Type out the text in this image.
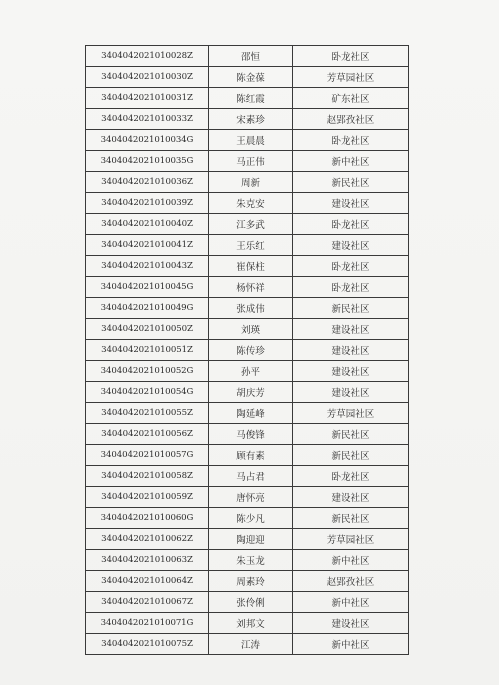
3404042021010028Z	邵恒	卧龙社区
3404042021010030Z	陈金葆	芳草园社区
3404042021010031Z	陈红霞	矿东社区
3404042021010033Z	宋素珍	赵郢孜社区
3404042021010034G	王晨晨	卧龙社区
3404042021010035G	马正伟	新中社区
3404042021010036Z	周新	新民社区
3404042021010039Z	朱克安	建设社区
3404042021010040Z	江多武	卧龙社区
3404042021010041Z	王乐红	建设社区
3404042021010043Z	崔保柱	卧龙社区
3404042021010045G	杨怀祥	卧龙社区
3404042021010049G	张成伟	新民社区
3404042021010050Z	刘瑛	建设社区
3404042021010051Z	陈传珍	建设社区
3404042021010052G	孙平	建设社区
3404042021010054G	胡庆芳	建设社区
3404042021010055Z	陶延峰	芳草园社区
3404042021010056Z	马俊锋	新民社区
3404042021010057G	顾有素	新民社区
3404042021010058Z	马占君	卧龙社区
3404042021010059Z	唐怀亮	建设社区
3404042021010060G	陈少凡	新民社区
3404042021010062Z	陶迎迎	芳草园社区
3404042021010063Z	朱玉龙	新中社区
3404042021010064Z	周素玲	赵郢孜社区
3404042021010067Z	张伶俐	新中社区
3404042021010071G	刘邦文	建设社区
3404042021010075Z	江涛	新中社区
